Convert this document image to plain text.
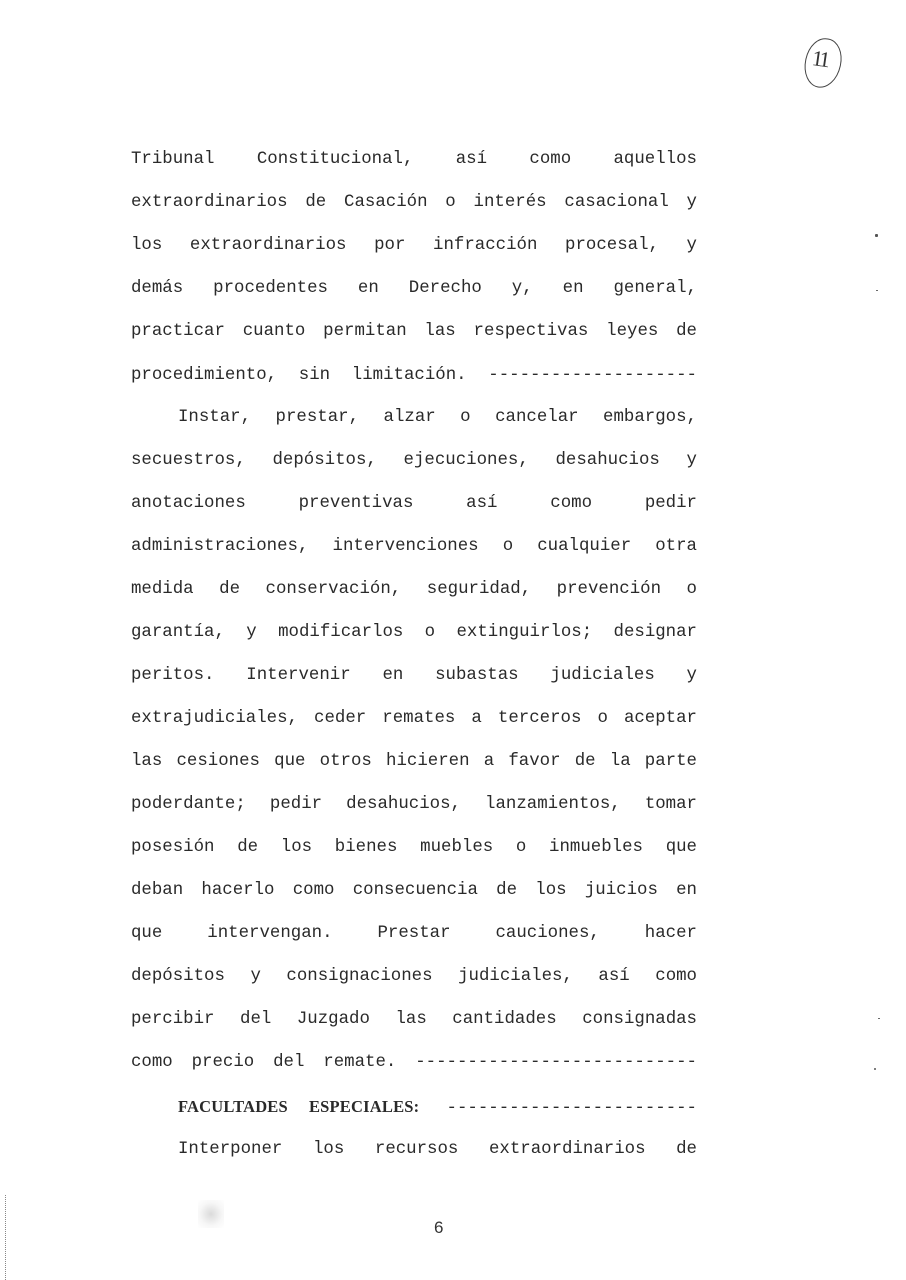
11
Tribunal Constitucional, así como aquellos
extraordinarios de Casación o interés casacional y
los extraordinarios por infracción procesal, y
demás procedentes en Derecho y, en general,
practicar cuanto permitan las respectivas leyes de
procedimiento, sin limitación. --------------------
Instar, prestar, alzar o cancelar embargos,
secuestros, depósitos, ejecuciones, desahucios y
anotaciones preventivas así como pedir
administraciones, intervenciones o cualquier otra
medida de conservación, seguridad, prevención o
garantía, y modificarlos o extinguirlos; designar
peritos. Intervenir en subastas judiciales y
extrajudiciales, ceder remates a terceros o aceptar
las cesiones que otros hicieren a favor de la parte
poderdante; pedir desahucios, lanzamientos, tomar
posesión de los bienes muebles o inmuebles que
deban hacerlo como consecuencia de los juicios en
que intervengan. Prestar cauciones, hacer
depósitos y consignaciones judiciales, así como
percibir del Juzgado las cantidades consignadas
como precio del remate. ---------------------------
FACULTADES ESPECIALES: ------------------------
Interponer los recursos extraordinarios de
6
